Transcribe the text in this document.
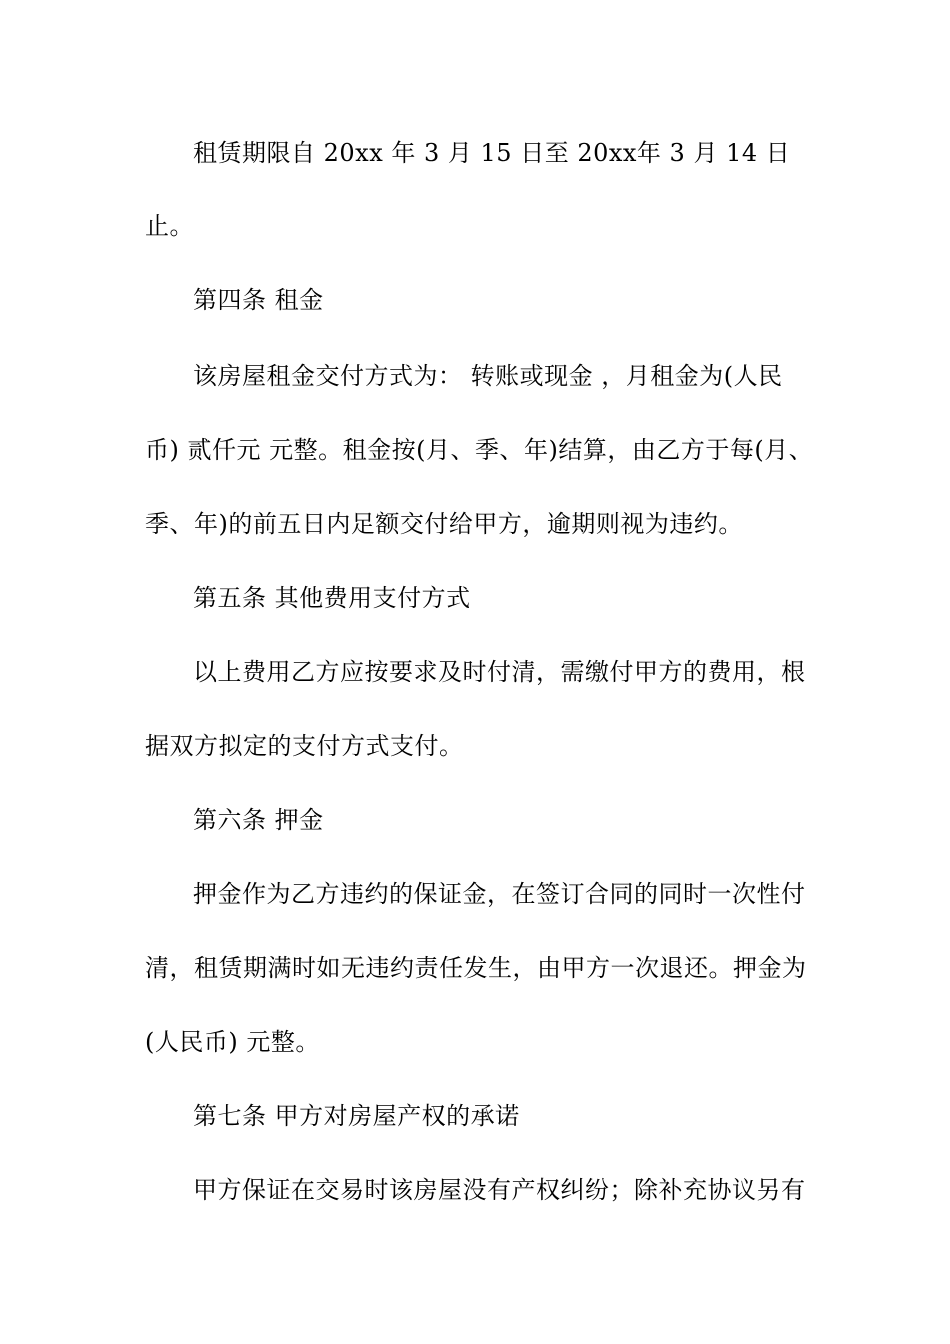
租赁期限自 20xx 年 3 月 15 日至 20xx年 3 月 14 日
止。
第四条 租金
该房屋租金交付方式为： 转账或现金 ，月租金为(人民
币) 贰仟元 元整。租金按(月、季、年)结算，由乙方于每(月、
季、年)的前五日内足额交付给甲方，逾期则视为违约。
第五条 其他费用支付方式
以上费用乙方应按要求及时付清，需缴付甲方的费用，根
据双方拟定的支付方式支付。
第六条 押金
押金作为乙方违约的保证金，在签订合同的同时一次性付
清，租赁期满时如无违约责任发生，由甲方一次退还。押金为
(人民币) 元整。
第七条 甲方对房屋产权的承诺
甲方保证在交易时该房屋没有产权纠纷；除补充协议另有
